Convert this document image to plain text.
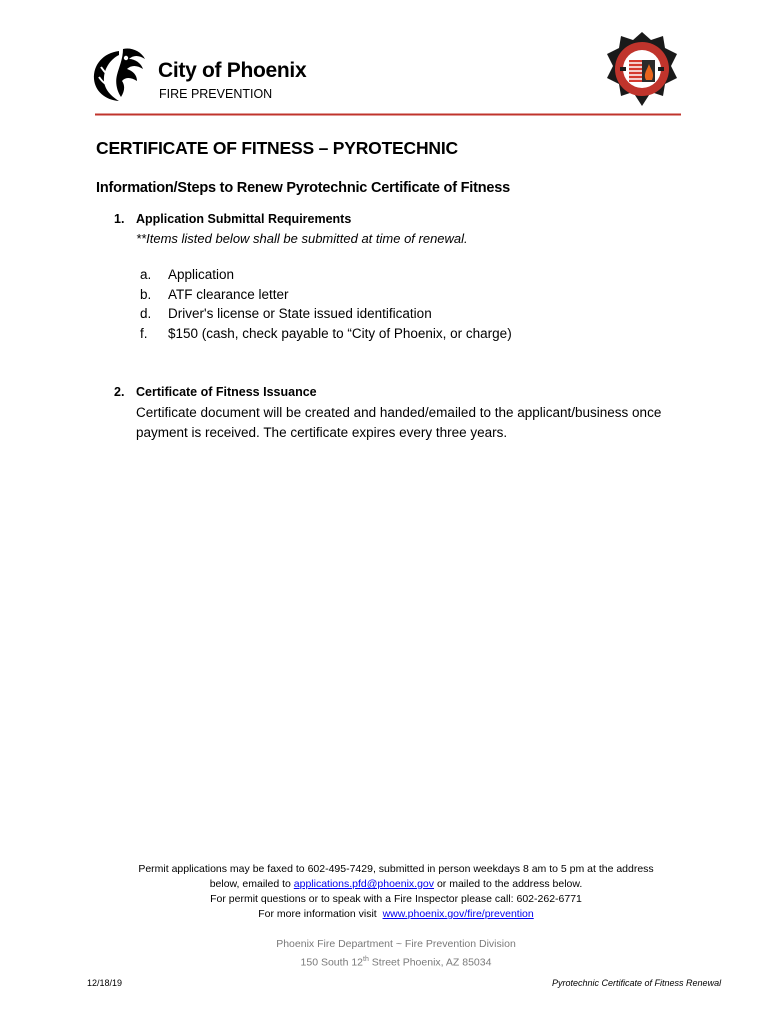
City of Phoenix
FIRE PREVENTION
CERTIFICATE OF FITNESS – PYROTECHNIC
Information/Steps to Renew Pyrotechnic Certificate of Fitness
1. Application Submittal Requirements
**Items listed below shall be submitted at time of renewal.
a. Application
b. ATF clearance letter
d. Driver's license or State issued identification
f. $150 (cash, check payable to “City of Phoenix, or charge)
2. Certificate of Fitness Issuance
Certificate document will be created and handed/emailed to the applicant/business once payment is received. The certificate expires every three years.
Permit applications may be faxed to 602-495-7429, submitted in person weekdays 8 am to 5 pm at the address
below, emailed to applications.pfd@phoenix.gov or mailed to the address below.
For permit questions or to speak with a Fire Inspector please call: 602-262-6771
For more information visit  www.phoenix.gov/fire/prevention
Phoenix Fire Department ~ Fire Prevention Division
150 South 12th Street Phoenix, AZ 85034
12/18/19	Pyrotechnic Certificate of Fitness Renewal
